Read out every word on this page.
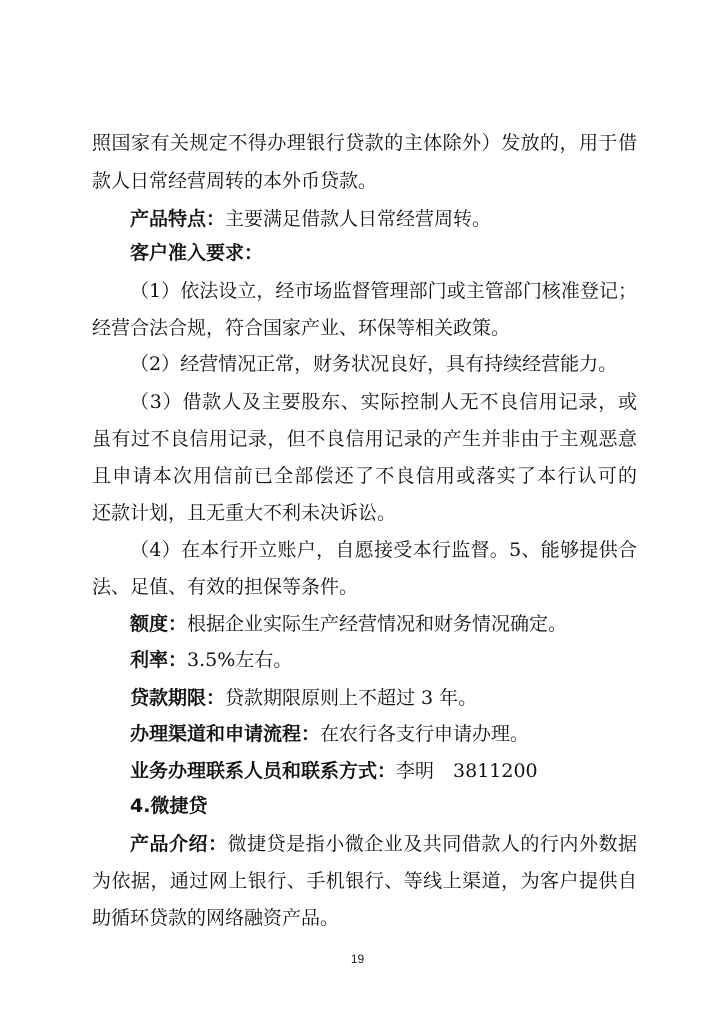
照国家有关规定不得办理银行贷款的主体除外）发放的，用于借
款人日常经营周转的本外币贷款。
产品特点：主要满足借款人日常经营周转。
客户准入要求：
（1）依法设立，经市场监督管理部门或主管部门核准登记；
经营合法合规，符合国家产业、环保等相关政策。
（2）经营情况正常，财务状况良好，具有持续经营能力。
（3）借款人及主要股东、实际控制人无不良信用记录，或
虽有过不良信用记录，但不良信用记录的产生并非由于主观恶意
且申请本次用信前已全部偿还了不良信用或落实了本行认可的
还款计划，且无重大不利未决诉讼。
（4）在本行开立账户，自愿接受本行监督。5、能够提供合
法、足值、有效的担保等条件。
额度：根据企业实际生产经营情况和财务情况确定。
利率：3.5%左右。
贷款期限：贷款期限原则上不超过 3 年。
办理渠道和申请流程：在农行各支行申请办理。
业务办理联系人员和联系方式：李明　3811200
4.微捷贷
产品介绍：微捷贷是指小微企业及共同借款人的行内外数据
为依据，通过网上银行、手机银行、等线上渠道，为客户提供自
助循环贷款的网络融资产品。
19
